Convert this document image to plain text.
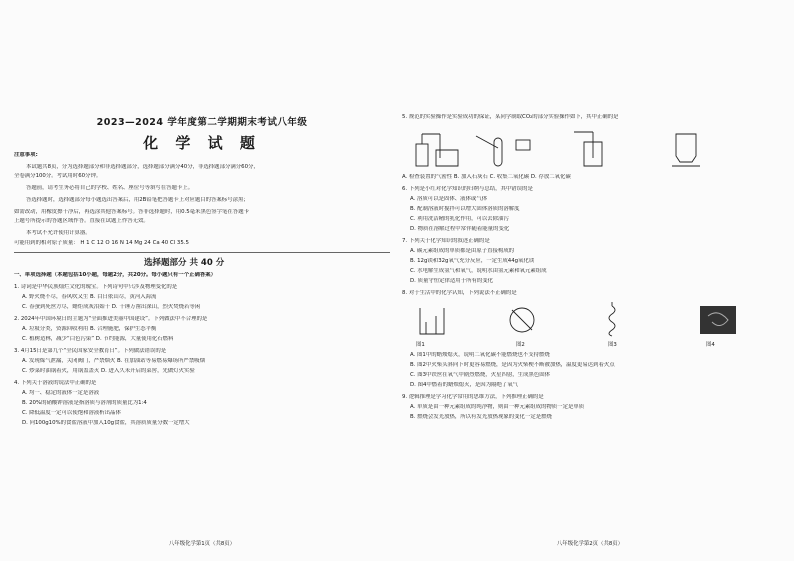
2023—2024 学年度第二学期期末考试八年级
化 学 试 题
注意事项:
本试题共8页，分为选择题部分和非选择题部分，选择题部分满分40分，非选择题部分满分60分，
全卷满分100分。考试用时60分钟。
答题前，请考生务必将自己的学校、姓名、座位号等填写在答题卡上。
答选择题时，选择题部分每小题选出答案后，用2B铅笔把答题卡上对应题目的答案标号涂黑；
如需改动，用橡皮擦干净后，再选涂其他答案标号。答非选择题时，用0.5毫米黑色签字笔在答题卡
上题号所提示的答题区域作答。直接在试题上作答无效。
本考试不允许使用计算器。
可能用到的相对原子质量： H 1 C 12 O 16 N 14 Mg 24 Ca 40 Cl 35.5
选择题部分 共 40 分
一、单项选择题（本题包括10小题，每题2分，共20分。每小题只有一个正确答案）
1. 诗词是中华民族灿烂文化的瑰宝。下列诗句中只涉及物理变化的是
A. 野火烧不尽，春风吹又生 B. 白日依山尽，黄河入海流
C. 春蚕到死丝方尽，蜡炬成灰泪始干 D. 千锤万凿出深山，烈火焚烧若等闲
2. 2024年中国环境日的主题为“全面推进美丽中国建设”。下列做法中不合理的是
A. 垃圾分类，资源回收利用 B. 合理施肥，保护生态平衡
C. 植树造林，减少“白色污染” D. 节约能源，大量使用化石燃料
3. 4月15日是第九个“全民国家安全教育日”。下列做法错误的是
A. 发现煤气泄漏，关闭阀门，严禁烟火 B. 在加油站等易燃易爆场所严禁吸烟
C. 炒菜时油锅着火，用锅盖盖灭 D. 进入久未开启的菜窖，先做灯火实验
4. 下列关于溶液的说法中正确的是
A. 均一、稳定的液体一定是溶液
B. 20%的硝酸钾溶液是指溶质与溶剂的质量比为1:4
C. 降低温度一定可以使饱和溶液析出晶体
D. 向100g10%的食盐溶液中加入10g食盐，其溶质质量分数一定增大
八年级化学第1页（共8页）
5. 规范的实验操作是实验成功的保证，某同学制取CO₂的部分实验操作如下，其中正确的是
A. 检查装置的气密性 B. 加入石灰石 C. 收集二氧化碳 D. 存放二氧化碳
6. 下列是小红对化学知识的归纳与总结，其中错误的是
A. 溶质可以是固体、液体或气体
B. 配制溶液时搅拌可以增大固体溶质的溶解度
C. 利用洗洁精的乳化作用，可以去除油污
D. 物质在溶解过程中常伴随着能量的变化
7. 下列关于化学知识的叙述正确的是
A. 碳元素组成的单质都是由原子直接构成的
B. 12g镁和32g氧气充分反应，一定生成44g氧化镁
C. 水电解生成氢气和氧气，说明水由氢元素和氧元素组成
D. 质量守恒定律适用于所有的变化
8. 对于生活中的化学认知，下列说法不正确的是
图1	图2	图3	图4
A. 图1中的蜡烛熄灭，说明二氧化碳不能燃烧也不支持燃烧
B. 图2中火柴头斜向下时更容易燃烧，是因为火柴梗不断被加热，温度更易达到着火点
C. 图3中铁丝在氧气中剧烈燃烧，火星四射，生成黑色固体
D. 图4中燃着的蜡烛熄灭，是因为隔绝了氧气
9. 逻辑推理是学习化学常用的思维方法，下列推理正确的是
A. 单质是由一种元素组成的纯净物，则由一种元素组成的物质一定是单质
B. 燃烧会发光放热，所以有发光放热现象的变化一定是燃烧
八年级化学第2页（共8页）
